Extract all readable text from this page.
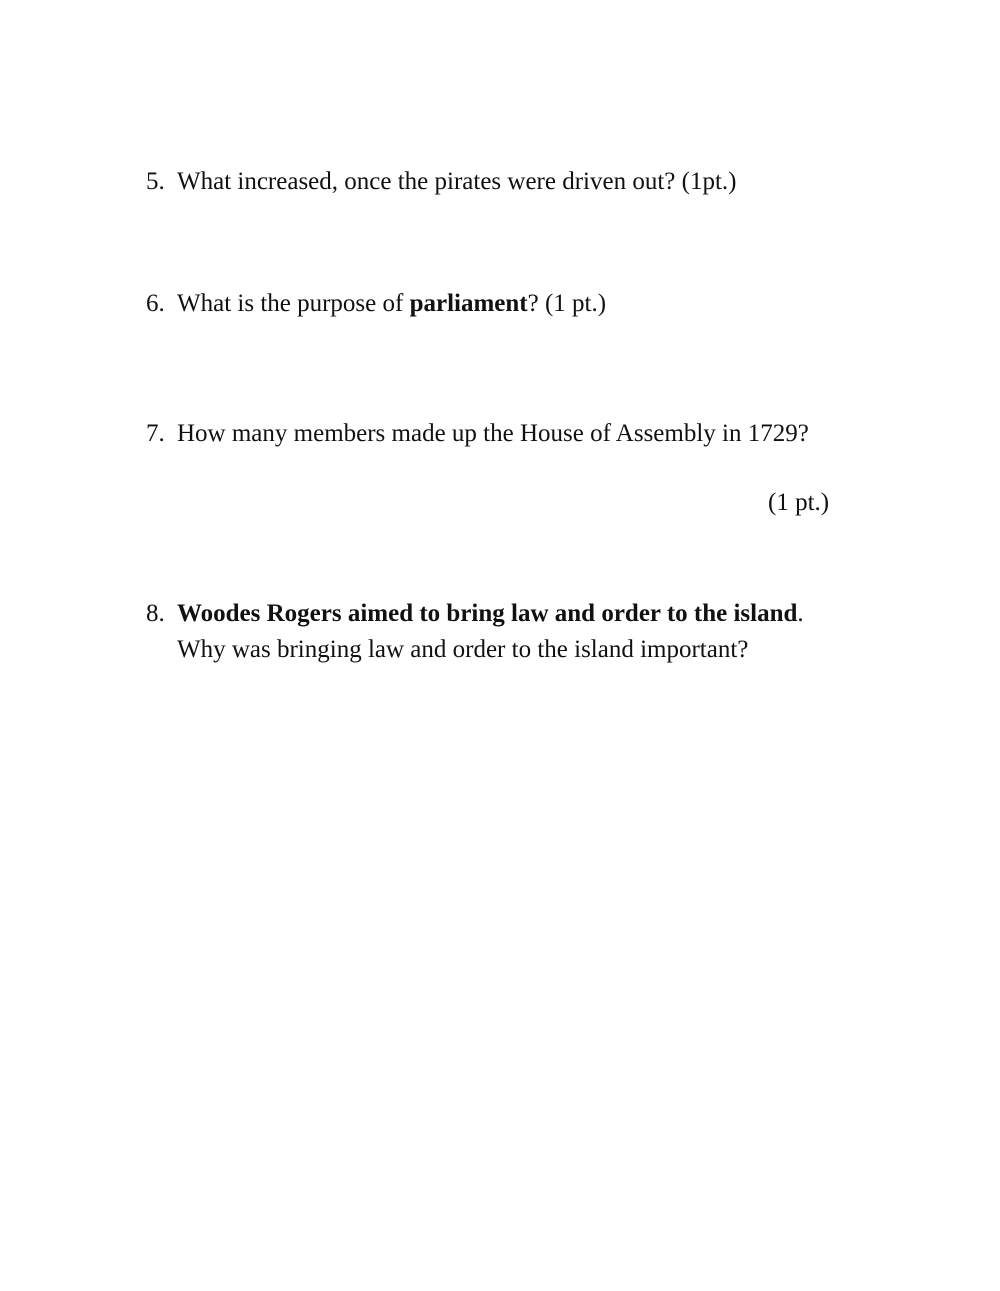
5. What increased, once the pirates were driven out? (1pt.)
6. What is the purpose of parliament? (1 pt.)
7. How many members made up the House of Assembly in 1729?
(1 pt.)
8. Woodes Rogers aimed to bring law and order to the island.
Why was bringing law and order to the island important?
